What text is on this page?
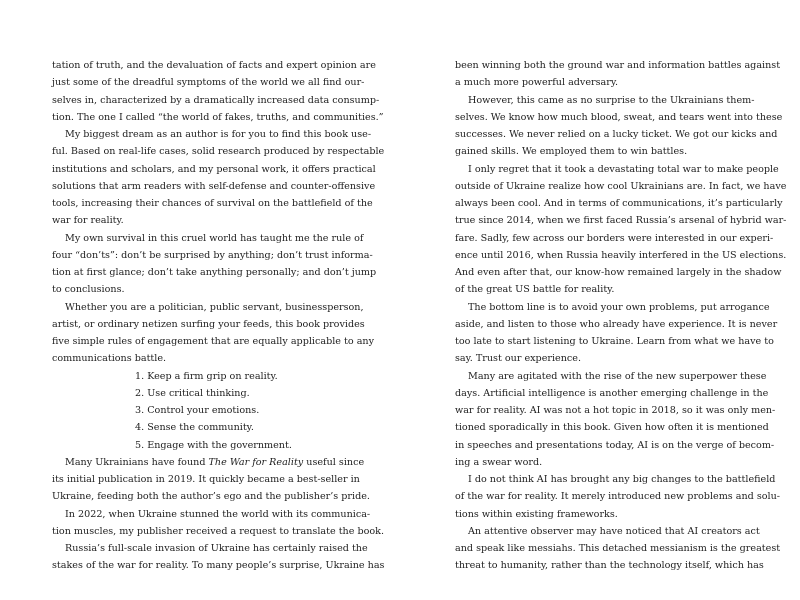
tation of truth, and the devaluation of facts and expert opinion are
just some of the dreadful symptoms of the world we all find our-
selves in, characterized by a dramatically increased data consump-
tion. The one I called “the world of fakes, truths, and communities.”
My biggest dream as an author is for you to find this book use-
ful. Based on real-life cases, solid research produced by respectable
institutions and scholars, and my personal work, it offers practical
solutions that arm readers with self-defense and counter-offensive
tools, increasing their chances of survival on the battlefield of the
war for reality.
My own survival in this cruel world has taught me the rule of
four “don’ts”: don’t be surprised by anything; don’t trust informa-
tion at first glance; don’t take anything personally; and don’t jump
to conclusions.
Whether you are a politician, public servant, businessperson,
artist, or ordinary netizen surfing your feeds, this book provides
five simple rules of engagement that are equally applicable to any
communications battle.
1. Keep a firm grip on reality.
2. Use critical thinking.
3. Control your emotions.
4. Sense the community.
5. Engage with the government.
Many Ukrainians have found The War for Reality useful since
its initial publication in 2019. It quickly became a best-seller in
Ukraine, feeding both the author’s ego and the publisher’s pride.
In 2022, when Ukraine stunned the world with its communica-
tion muscles, my publisher received a request to translate the book.
Russia’s full-scale invasion of Ukraine has certainly raised the
stakes of the war for reality. To many people’s surprise, Ukraine has
been winning both the ground war and information battles against
a much more powerful adversary.
However, this came as no surprise to the Ukrainians them-
selves. We know how much blood, sweat, and tears went into these
successes. We never relied on a lucky ticket. We got our kicks and
gained skills. We employed them to win battles.
I only regret that it took a devastating total war to make people
outside of Ukraine realize how cool Ukrainians are. In fact, we have
always been cool. And in terms of communications, it’s particularly
true since 2014, when we first faced Russia’s arsenal of hybrid war-
fare. Sadly, few across our borders were interested in our experi-
ence until 2016, when Russia heavily interfered in the US elections.
And even after that, our know-how remained largely in the shadow
of the great US battle for reality.
The bottom line is to avoid your own problems, put arrogance
aside, and listen to those who already have experience. It is never
too late to start listening to Ukraine. Learn from what we have to
say. Trust our experience.
Many are agitated with the rise of the new superpower these
days. Artificial intelligence is another emerging challenge in the
war for reality. AI was not a hot topic in 2018, so it was only men-
tioned sporadically in this book. Given how often it is mentioned
in speeches and presentations today, AI is on the verge of becom-
ing a swear word.
I do not think AI has brought any big changes to the battlefield
of the war for reality. It merely introduced new problems and solu-
tions within existing frameworks.
An attentive observer may have noticed that AI creators act
and speak like messiahs. This detached messianism is the greatest
threat to humanity, rather than the technology itself, which has
